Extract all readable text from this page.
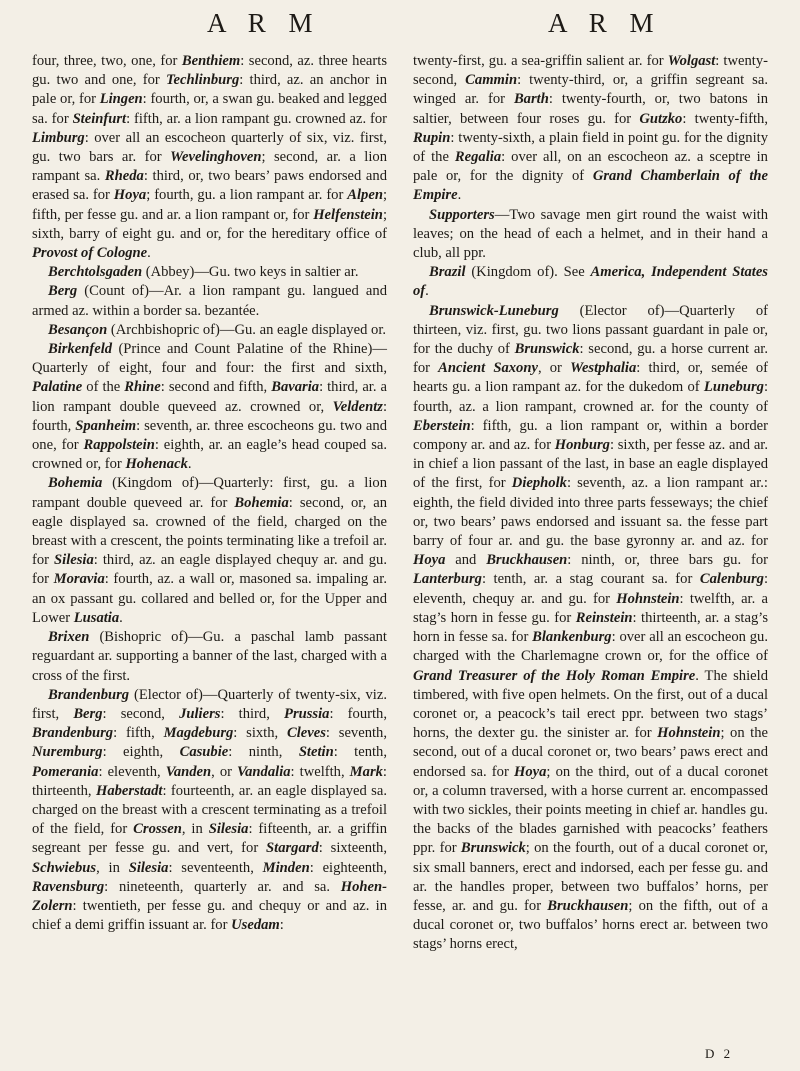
A R M	A R M

four, three, two, one, for Benthiem: second, az. three hearts gu. two and one, for Techlinburg: third, az. an anchor in pale or, for Lingen: fourth, or, a swan gu. beaked and legged sa. for Steinfurt: fifth, ar. a lion rampant gu. crowned az. for Limburg: over all an escocheon quarterly of six, viz. first, gu. two bars ar. for Wevelinghoven; second, ar. a lion rampant sa. Rheda: third, or, two bears’ paws endorsed and erased sa. for Hoya; fourth, gu. a lion rampant ar. for Alpen; fifth, per fesse gu. and ar. a lion rampant or, for Helfenstein; sixth, barry of eight gu. and or, for the hereditary office of Provost of Cologne.

Berchtolsgaden (Abbey)—Gu. two keys in saltier ar.

Berg (Count of)—Ar. a lion rampant gu. langued and armed az. within a border sa. bezantée.

Besançon (Archbishopric of)—Gu. an eagle displayed or.

Birkenfeld (Prince and Count Palatine of the Rhine)—Quarterly of eight, four and four: the first and sixth, Palatine of the Rhine: second and fifth, Bavaria: third, ar. a lion rampant double queveed az. crowned or, Veldentz: fourth, Spanheim: seventh, ar. three escocheons gu. two and one, for Rappolstein: eighth, ar. an eagle’s head couped sa. crowned or, for Hohenack.

Bohemia (Kingdom of)—Quarterly: first, gu. a lion rampant double queveed ar. for Bohemia: second, or, an eagle displayed sa. crowned of the field, charged on the breast with a crescent, the points terminating like a trefoil ar. for Silesia: third, az. an eagle displayed chequy ar. and gu. for Moravia: fourth, az. a wall or, masoned sa. impaling ar. an ox passant gu. collared and belled or, for the Upper and Lower Lusatia.

Brixen (Bishopric of)—Gu. a paschal lamb passant reguardant ar. supporting a banner of the last, charged with a cross of the first.

Brandenburg (Elector of)—Quarterly of twenty-six, viz. first, Berg: second, Juliers: third, Prussia: fourth, Brandenburg: fifth, Magdeburg: sixth, Cleves: seventh, Nuremburg: eighth, Casubie: ninth, Stetin: tenth, Pomerania: eleventh, Vanden, or Vandalia: twelfth, Mark: thirteenth, Haberstadt: fourteenth, ar. an eagle displayed sa. charged on the breast with a crescent terminating as a trefoil of the field, for Crossen, in Silesia: fifteenth, ar. a griffin segreant per fesse gu. and vert, for Stargard: sixteenth, Schwiebus, in Silesia: seventeenth, Minden: eighteenth, Ravensburg: nineteenth, quarterly ar. and sa. Hohen-Zolern: twentieth, per fesse gu. and chequy or and az. in chief a demi griffin issuant ar. for Usedam:

twenty-first, gu. a sea-griffin salient ar. for Wolgast: twenty-second, Cammin: twenty-third, or, a griffin segreant sa. winged ar. for Barth: twenty-fourth, or, two batons in saltier, between four roses gu. for Gutzko: twenty-fifth, Rupin: twenty-sixth, a plain field in point gu. for the dignity of the Regalia: over all, on an escocheon az. a sceptre in pale or, for the dignity of Grand Chamberlain of the Empire.

Supporters—Two savage men girt round the waist with leaves; on the head of each a helmet, and in their hand a club, all ppr.

Brazil (Kingdom of). See America, Independent States of.

Brunswick-Luneburg (Elector of)—Quarterly of thirteen, viz. first, gu. two lions passant guardant in pale or, for the duchy of Brunswick: second, gu. a horse current ar. for Ancient Saxony, or Westphalia: third, or, semée of hearts gu. a lion rampant az. for the dukedom of Luneburg: fourth, az. a lion rampant, crowned ar. for the county of Eberstein: fifth, gu. a lion rampant or, within a border compony ar. and az. for Honburg: sixth, per fesse az. and ar. in chief a lion passant of the last, in base an eagle displayed of the first, for Diepholk: seventh, az. a lion rampant ar.: eighth, the field divided into three parts fesseways; the chief or, two bears’ paws endorsed and issuant sa. the fesse part barry of four ar. and gu. the base gyronny ar. and az. for Hoya and Bruckhausen: ninth, or, three bars gu. for Lanterburg: tenth, ar. a stag courant sa. for Calenburg: eleventh, chequy ar. and gu. for Hohnstein: twelfth, ar. a stag’s horn in fesse gu. for Reinstein: thirteenth, ar. a stag’s horn in fesse sa. for Blankenburg: over all an escocheon gu. charged with the Charlemagne crown or, for the office of Grand Treasurer of the Holy Roman Empire. The shield timbered, with five open helmets. On the first, out of a ducal coronet or, a peacock’s tail erect ppr. between two stags’ horns, the dexter gu. the sinister ar. for Hohnstein; on the second, out of a ducal coronet or, two bears’ paws erect and endorsed sa. for Hoya; on the third, out of a ducal coronet or, a column traversed, with a horse current ar. encompassed with two sickles, their points meeting in chief ar. handles gu. the backs of the blades garnished with peacocks’ feathers ppr. for Brunswick; on the fourth, out of a ducal coronet or, six small banners, erect and indorsed, each per fesse gu. and ar. the handles proper, between two buffalos’ horns, per fesse, ar. and gu. for Bruckhausen; on the fifth, out of a ducal coronet or, two buffalos’ horns erect ar. between two stags’ horns erect,

D 2
